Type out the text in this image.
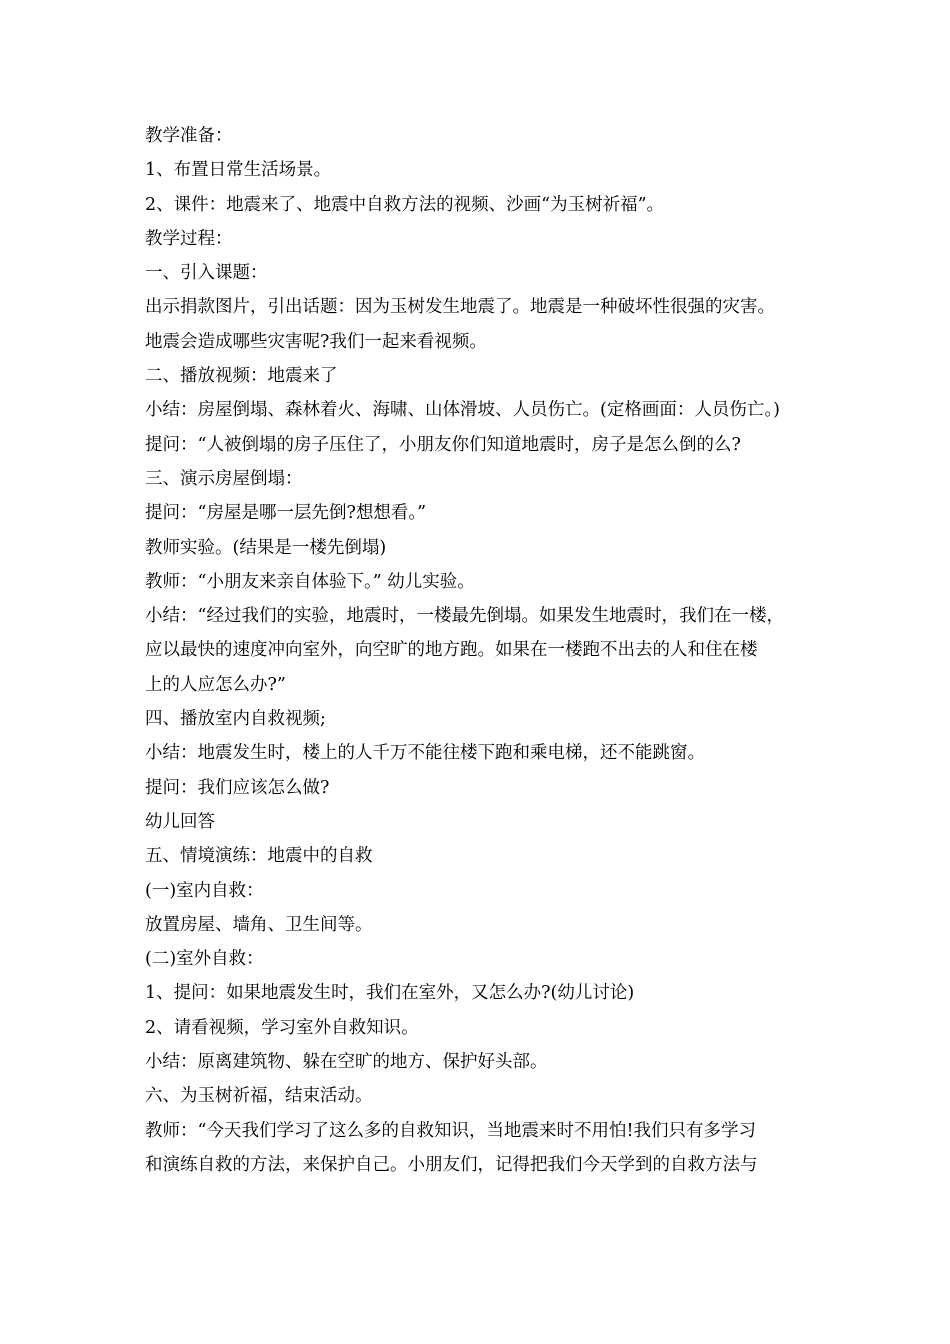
教学准备：
1、布置日常生活场景。
2、课件：地震来了、地震中自救方法的视频、沙画“为玉树祈福”。
教学过程：
一、引入课题：
出示捐款图片，引出话题：因为玉树发生地震了。地震是一种破坏性很强的灾害。
地震会造成哪些灾害呢?我们一起来看视频。
二、播放视频：地震来了
小结：房屋倒塌、森林着火、海啸、山体滑坡、人员伤亡。(定格画面：人员伤亡。)
提问：“人被倒塌的房子压住了，小朋友你们知道地震时，房子是怎么倒的么?
三、演示房屋倒塌：
提问：“房屋是哪一层先倒?想想看。”
教师实验。(结果是一楼先倒塌)
教师：“小朋友来亲自体验下。” 幼儿实验。
小结：“经过我们的实验，地震时，一楼最先倒塌。如果发生地震时，我们在一楼，
应以最快的速度冲向室外，向空旷的地方跑。如果在一楼跑不出去的人和住在楼
上的人应怎么办?”
四、播放室内自救视频;
小结：地震发生时，楼上的人千万不能往楼下跑和乘电梯，还不能跳窗。
提问：我们应该怎么做?
幼儿回答
五、情境演练：地震中的自救
(一)室内自救：
放置房屋、墙角、卫生间等。
(二)室外自救：
1、提问：如果地震发生时，我们在室外，又怎么办?(幼儿讨论)
2、请看视频，学习室外自救知识。
小结：原离建筑物、躲在空旷的地方、保护好头部。
六、为玉树祈福，结束活动。
教师：“今天我们学习了这么多的自救知识，当地震来时不用怕!我们只有多学习
和演练自救的方法，来保护自己。小朋友们，记得把我们今天学到的自救方法与
